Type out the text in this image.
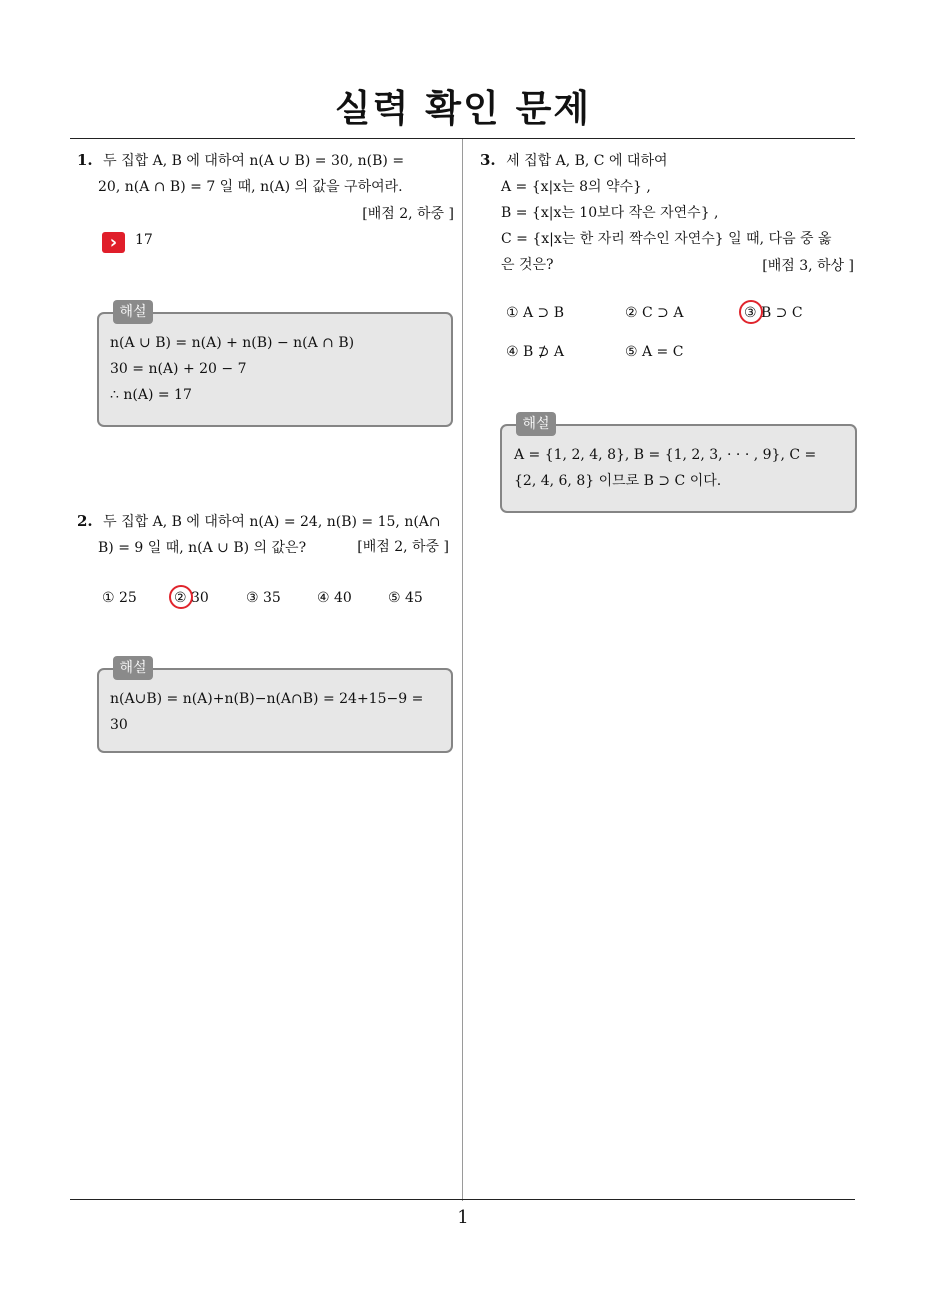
실력 확인 문제
1. 두 집합 A, B 에 대하여 n(A ∪ B) = 30, n(B) =
20, n(A ∩ B) = 7 일 때, n(A) 의 값을 구하여라.
[배점 2, 하중 ]
›	17
해설
n(A ∪ B) = n(A) + n(B) − n(A ∩ B)
30 = n(A) + 20 − 7
∴ n(A) = 17
2. 두 집합 A, B 에 대하여 n(A) = 24, n(B) = 15, n(A∩
B) = 9 일 때, n(A ∪ B) 의 값은?	[배점 2, 하중 ]
① 25	② 30	③ 35	④ 40	⑤ 45
해설
n(A∪B) = n(A)+n(B)−n(A∩B) = 24+15−9 =
30
3. 세 집합 A, B, C 에 대하여
A = {x|x는 8의 약수} ,
B = {x|x는 10보다 작은 자연수} ,
C = {x|x는 한 자리 짝수인 자연수} 일 때, 다음 중 옳
은 것은?	[배점 3, 하상 ]
① A ⊃ B	② C ⊃ A	③ B ⊃ C
④ B ⊅ A	⑤ A = C
해설
A = {1, 2, 4, 8}, B = {1, 2, 3, · · · , 9}, C =
{2, 4, 6, 8} 이므로 B ⊃ C 이다.
1
